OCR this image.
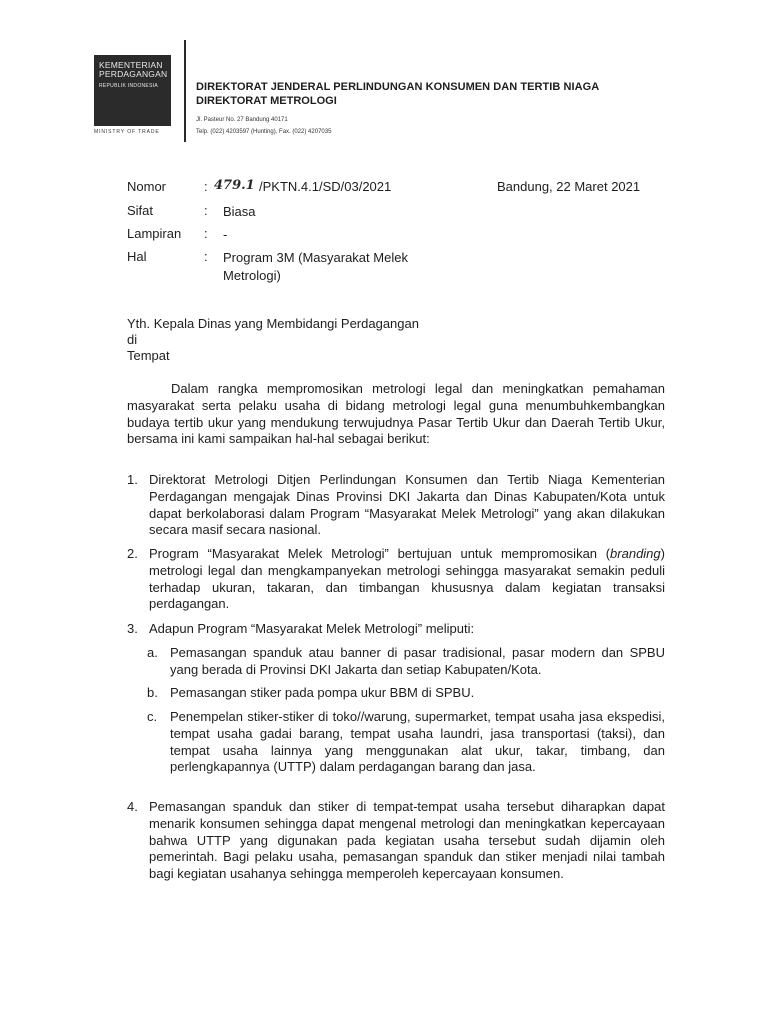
KEMENTERIAN
PERDAGANGAN
REPUBLIK INDONESIA
MINISTRY OF TRADE
DIREKTORAT JENDERAL PERLINDUNGAN KONSUMEN DAN TERTIB NIAGA
DIREKTORAT METROLOGI
Jl. Pasteur No. 27 Bandung 40171
Telp. (022) 4203597 (Hunting), Fax. (022) 4207035
Nomor	: 479.1 /PKTN.4.1/SD/03/2021	Bandung, 22 Maret 2021
Sifat	: Biasa
Lampiran : -
Hal	: Program 3M (Masyarakat Melek
Metrologi)
Yth. Kepala Dinas yang Membidangi Perdagangan
di
Tempat
Dalam rangka mempromosikan metrologi legal dan meningkatkan pemahaman masyarakat serta pelaku usaha di bidang metrologi legal guna menumbuhkembangkan budaya tertib ukur yang mendukung terwujudnya Pasar Tertib Ukur dan Daerah Tertib Ukur, bersama ini kami sampaikan hal-hal sebagai berikut:
1. Direktorat Metrologi Ditjen Perlindungan Konsumen dan Tertib Niaga Kementerian Perdagangan mengajak Dinas Provinsi DKI Jakarta dan Dinas Kabupaten/Kota untuk dapat berkolaborasi dalam Program “Masyarakat Melek Metrologi” yang akan dilakukan secara masif secara nasional.
2. Program “Masyarakat Melek Metrologi” bertujuan untuk mempromosikan (branding) metrologi legal dan mengkampanyekan metrologi sehingga masyarakat semakin peduli terhadap ukuran, takaran, dan timbangan khususnya dalam kegiatan transaksi perdagangan.
3. Adapun Program “Masyarakat Melek Metrologi” meliputi:
a. Pemasangan spanduk atau banner di pasar tradisional, pasar modern dan SPBU yang berada di Provinsi DKI Jakarta dan setiap Kabupaten/Kota.
b. Pemasangan stiker pada pompa ukur BBM di SPBU.
c. Penempelan stiker-stiker di toko//warung, supermarket, tempat usaha jasa ekspedisi, tempat usaha gadai barang, tempat usaha laundri, jasa transportasi (taksi), dan tempat usaha lainnya yang menggunakan alat ukur, takar, timbang, dan perlengkapannya (UTTP) dalam perdagangan barang dan jasa.
4. Pemasangan spanduk dan stiker di tempat-tempat usaha tersebut diharapkan dapat menarik konsumen sehingga dapat mengenal metrologi dan meningkatkan kepercayaan bahwa UTTP yang digunakan pada kegiatan usaha tersebut sudah dijamin oleh pemerintah. Bagi pelaku usaha, pemasangan spanduk dan stiker menjadi nilai tambah bagi kegiatan usahanya sehingga memperoleh kepercayaan konsumen.
